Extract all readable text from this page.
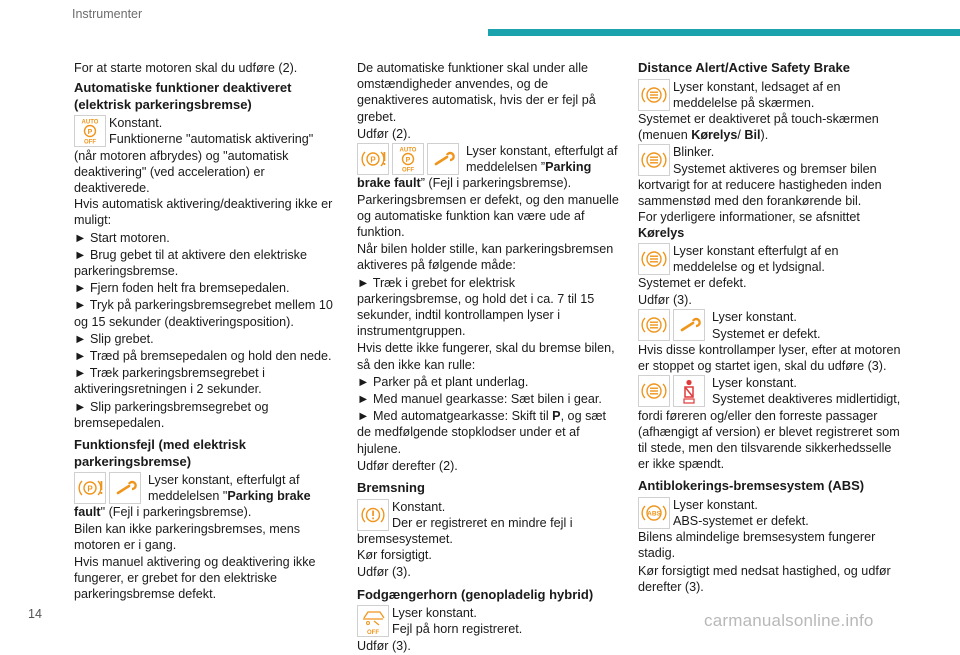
Instrumenter

For at starte motoren skal du udføre (2).

Automatiske funktioner deaktiveret (elektrisk parkeringsbremse)
AUTO
P
OFF
Konstant.
Funktionerne "automatisk aktivering" (når motoren afbrydes) og "automatisk deaktivering" (ved acceleration) er deaktiverede.

Hvis automatisk aktivering/deaktivering ikke er muligt:

► Start motoren.
► Brug gebet til at aktivere den elektriske parkeringsbremse.
► Fjern foden helt fra bremsepedalen.
► Tryk på parkeringsbremsegrebet mellem 10 og 15 sekunder (deaktiveringsposition).
► Slip grebet.
► Træd på bremsepedalen og hold den nede.
► Træk parkeringsbremsegrebet i aktiveringsretningen i 2 sekunder.
► Slip parkeringsbremsegrebet og bremsepedalen.
Funktionsfejl (med elektrisk parkeringsbremse)
P
Lyser konstant, efterfulgt af meddelelsen "Parking brake fault" (Fejl i parkeringsbremse).

Bilen kan ikke parkeringsbremses, mens motoren er i gang.

Hvis manuel aktivering og deaktivering ikke fungerer, er grebet for den elektriske parkeringsbremse defekt.

De automatiske funktioner skal under alle omstændigheder anvendes, og de genaktiveres automatisk, hvis der er fejl på grebet.

Udfør (2).

P
AUTO
P
OFF
Lyser konstant, efterfulgt af meddelelsen ”Parking brake fault” (Fejl i parkeringsbremse).

Parkeringsbremsen er defekt, og den manuelle og automatiske funktion kan være ude af funktion.

Når bilen holder stille, kan parkeringsbremsen aktiveres på følgende måde:

► Træk i grebet for elektrisk parkeringsbremse, og hold det i ca. 7 til 15 sekunder, indtil kontrollampen lyser i instrumentgruppen.

Hvis dette ikke fungerer, skal du bremse bilen, så den ikke kan rulle:

► Parker på et plant underlag.
► Med manuel gearkasse: Sæt bilen i gear.
► Med automatgearkasse: Skift til P, og sæt de medfølgende stopklodser under et af hjulene.

Udfør derefter (2).

Bremsning
Konstant.
Der er registreret en mindre fejl i bremsesystemet.

Kør forsigtigt.

Udfør (3).

Fodgængerhorn (genopladelig hybrid)
OFF
Lyser konstant.
Fejl på horn registreret.

Udfør (3).

Distance Alert/Active Safety Brake
Lyser konstant, ledsaget af en meddelelse på skærmen.

Systemet er deaktiveret på touch-skærmen (menuen Kørelys/ Bil).

Blinker.
Systemet aktiveres og bremser bilen kortvarigt for at reducere hastigheden inden sammenstød med den forankørende bil.

For yderligere informationer, se afsnittet Kørelys

Lyser konstant efterfulgt af en meddelelse og et lydsignal.

Systemet er defekt.

Udfør (3).

Lyser konstant.
Systemet er defekt.

Hvis disse kontrollamper lyser, efter at motoren er stoppet og startet igen, skal du udføre (3).

Lyser konstant.
Systemet deaktiveres midlertidigt, fordi føreren og/eller den forreste passager (afhængigt af version) er blevet registreret som til stede, men den tilsvarende sikkerhedsselle er ikke spændt.
Antiblokerings-bremsesystem (ABS)
ABS
Lyser konstant.
ABS-systemet er defekt.

Bilens almindelige bremsesystem fungerer stadig.

Kør forsigtigt med nedsat hastighed, og udfør derefter (3).

14	carmanualsonline.info
